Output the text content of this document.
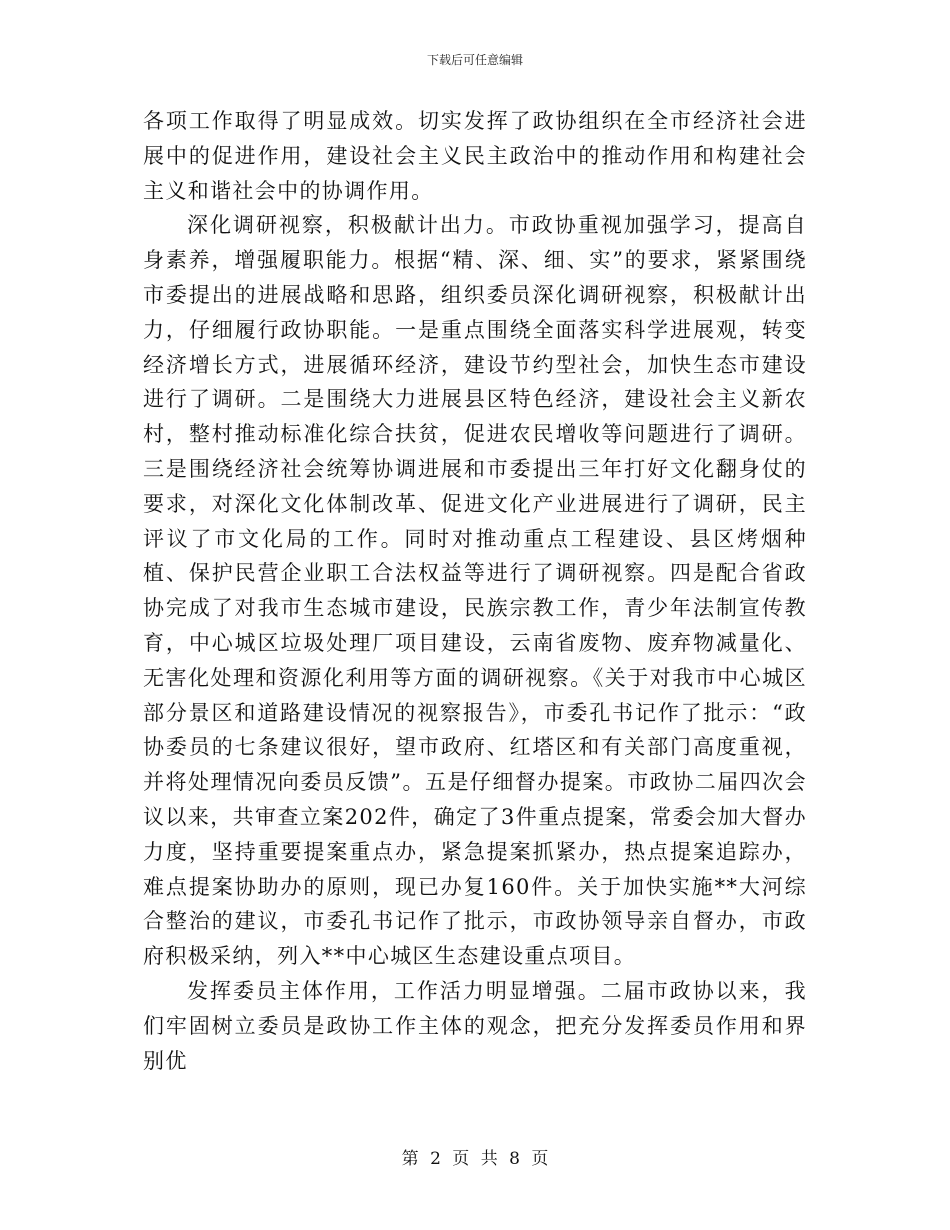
下载后可任意编辑

各项工作取得了明显成效。切实发挥了政协组织在全市经济社会进展中的促进作用，建设社会主义民主政治中的推动作用和构建社会主义和谐社会中的协调作用。

深化调研视察，积极献计出力。市政协重视加强学习，提高自身素养，增强履职能力。根据“精、深、细、实”的要求，紧紧围绕市委提出的进展战略和思路，组织委员深化调研视察，积极献计出力，仔细履行政协职能。一是重点围绕全面落实科学进展观，转变经济增长方式，进展循环经济，建设节约型社会，加快生态市建设进行了调研。二是围绕大力进展县区特色经济，建设社会主义新农村，整村推动标准化综合扶贫，促进农民增收等问题进行了调研。三是围绕经济社会统筹协调进展和市委提出三年打好文化翻身仗的要求，对深化文化体制改革、促进文化产业进展进行了调研，民主评议了市文化局的工作。同时对推动重点工程建设、县区烤烟种植、保护民营企业职工合法权益等进行了调研视察。四是配合省政协完成了对我市生态城市建设，民族宗教工作，青少年法制宣传教育，中心城区垃圾处理厂项目建设，云南省废物、废弃物减量化、无害化处理和资源化利用等方面的调研视察。《关于对我市中心城区部分景区和道路建设情况的视察报告》，市委孔书记作了批示：“政协委员的七条建议很好，望市政府、红塔区和有关部门高度重视，并将处理情况向委员反馈”。五是仔细督办提案。市政协二届四次会议以来，共审查立案202件，确定了3件重点提案，常委会加大督办力度，坚持重要提案重点办，紧急提案抓紧办，热点提案追踪办，难点提案协助办的原则，现已办复160件。关于加快实施**大河综合整治的建议，市委孔书记作了批示，市政协领导亲自督办，市政府积极采纳，列入**中心城区生态建设重点项目。

发挥委员主体作用，工作活力明显增强。二届市政协以来，我们牢固树立委员是政协工作主体的观念，把充分发挥委员作用和界别优

第 2 页 共 8 页
